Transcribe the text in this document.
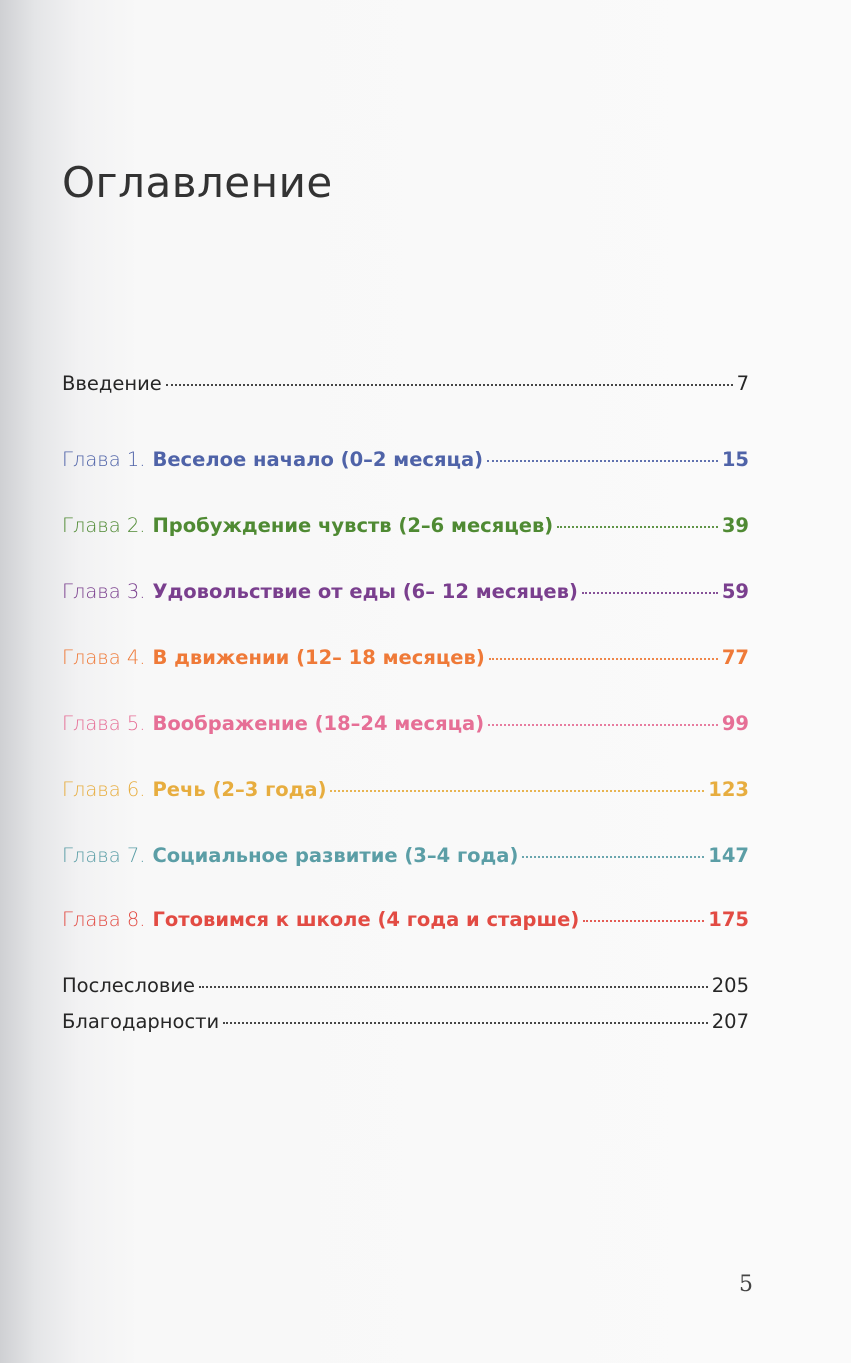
Оглавление
Введение	7
Глава 1. Веселое начало (0–2 месяца)	15
Глава 2. Пробуждение чувств (2–6 месяцев)	39
Глава 3. Удовольствие от еды (6– 12 месяцев)	59
Глава 4. В движении (12– 18 месяцев)	77
Глава 5. Воображение (18–24 месяца)	99
Глава 6. Речь (2–3 года)	123
Глава 7. Социальное развитие (3–4 года)	147
Глава 8. Готовимся к школе (4 года и старше)	175
Послесловие	205
Благодарности	207
5
